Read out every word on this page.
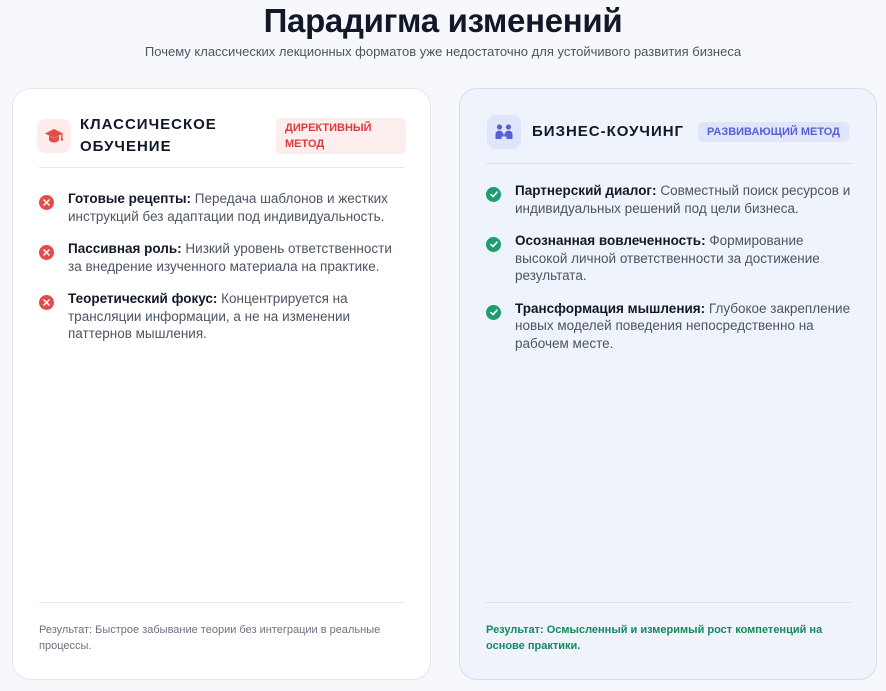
Парадигма изменений

Почему классических лекционных форматов уже недостаточно для устойчивого развития бизнеса

КЛАССИЧЕСКОЕ ОБУЧЕНИЕ
ДИРЕКТИВНЫЙ МЕТОД
Готовые рецепты: Передача шаблонов и жестких инструкций без адаптации под индивидуальность.
Пассивная роль: Низкий уровень ответственности за внедрение изученного материала на практике.
Теоретический фокус: Концентрируется на трансляции информации, а не на изменении паттернов мышления.
Результат: Быстрое забывание теории без интеграции в реальные процессы.
БИЗНЕС-КОУЧИНГ	РАЗВИВАЮЩИЙ МЕТОД
Партнерский диалог: Совместный поиск ресурсов и индивидуальных решений под цели бизнеса.
Осознанная вовлеченность: Формирование высокой личной ответственности за достижение результата.
Трансформация мышления: Глубокое закрепление новых моделей поведения непосредственно на рабочем месте.
Результат: Осмысленный и измеримый рост компетенций на основе практики.
